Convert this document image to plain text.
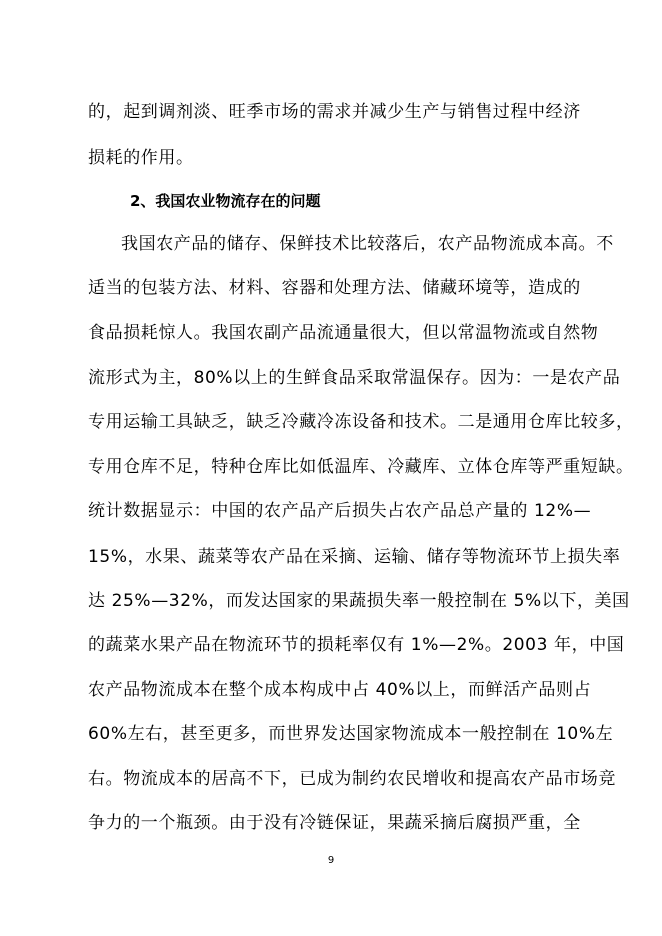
的，起到调剂淡、旺季市场的需求并减少生产与销售过程中经济
损耗的作用。
2、我国农业物流存在的问题
我国农产品的储存、保鲜技术比较落后，农产品物流成本高。不
适当的包装方法、材料、容器和处理方法、储藏环境等，造成的
食品损耗惊人。我国农副产品流通量很大，但以常温物流或自然物
流形式为主，80%以上的生鲜食品采取常温保存。因为：一是农产品
专用运输工具缺乏，缺乏冷藏冷冻设备和技术。二是通用仓库比较多，
专用仓库不足，特种仓库比如低温库、冷藏库、立体仓库等严重短缺。
统计数据显示：中国的农产品产后损失占农产品总产量的 12%—
15%，水果、蔬菜等农产品在采摘、运输、储存等物流环节上损失率
达 25%—32%，而发达国家的果蔬损失率一般控制在 5%以下，美国
的蔬菜水果产品在物流环节的损耗率仅有 1%—2%。2003 年，中国
农产品物流成本在整个成本构成中占 40%以上，而鲜活产品则占
60%左右，甚至更多，而世界发达国家物流成本一般控制在 10%左
右。物流成本的居高不下，已成为制约农民增收和提高农产品市场竞
争力的一个瓶颈。由于没有冷链保证，果蔬采摘后腐损严重，全
9
